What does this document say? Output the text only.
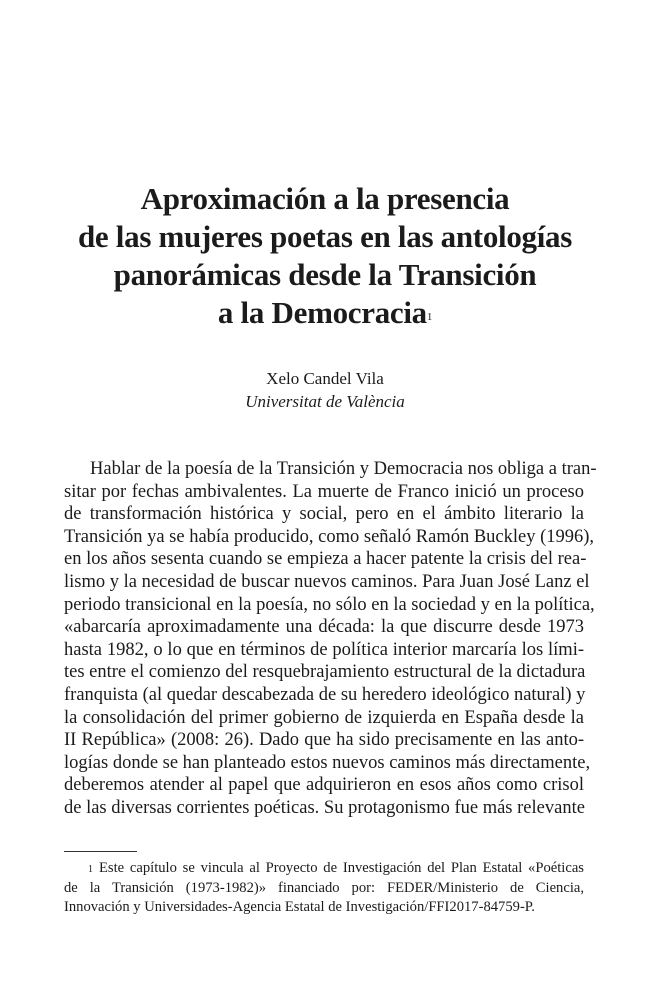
Aproximación a la presencia
de las mujeres poetas en las antologías
panorámicas desde la Transición
a la Democracia$^1$
Xelo Candel Vila
Universitat de València
Hablar de la poesía de la Transición y Democracia nos obliga a tran-
sitar por fechas ambivalentes. La muerte de Franco inició un proceso
de transformación histórica y social, pero en el ámbito literario la
Transición ya se había producido, como señaló Ramón Buckley (1996),
en los años sesenta cuando se empieza a hacer patente la crisis del rea-
lismo y la necesidad de buscar nuevos caminos. Para Juan José Lanz el
periodo transicional en la poesía, no sólo en la sociedad y en la política,
«abarcaría aproximadamente una década: la que discurre desde 1973
hasta 1982, o lo que en términos de política interior marcaría los lími-
tes entre el comienzo del resquebrajamiento estructural de la dictadura
franquista (al quedar descabezada de su heredero ideológico natural) y
la consolidación del primer gobierno de izquierda en España desde la
II República» (2008: 26). Dado que ha sido precisamente en las anto-
logías donde se han planteado estos nuevos caminos más directamente,
deberemos atender al papel que adquirieron en esos años como crisol
de las diversas corrientes poéticas. Su protagonismo fue más relevante
$^1$ Este capítulo se vincula al Proyecto de Investigación del Plan Estatal «Poéticas
de la Transición (1973-1982)» financiado por: FEDER/Ministerio de Ciencia,
Innovación y Universidades-Agencia Estatal de Investigación/FFI2017-84759-P.
